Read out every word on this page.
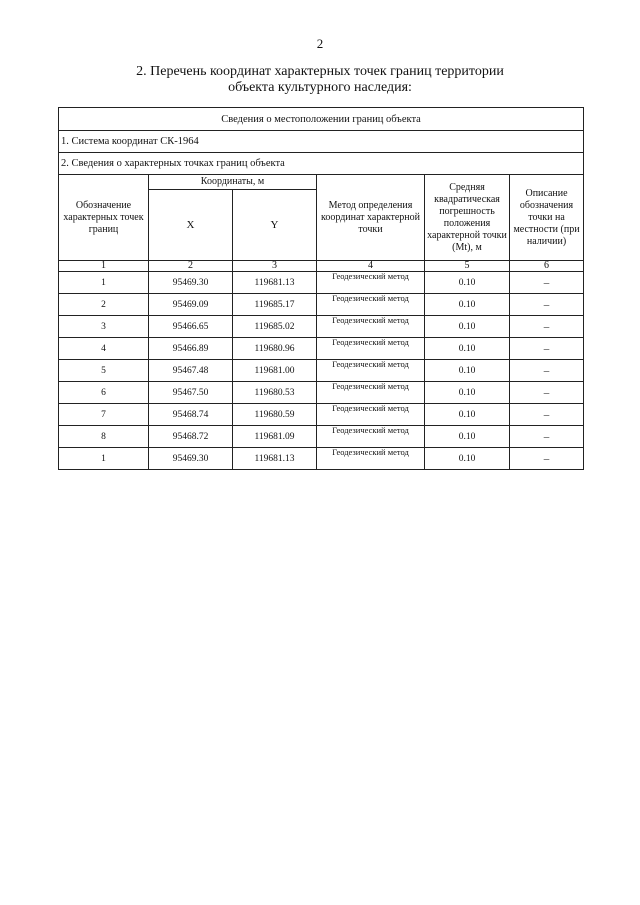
2
2. Перечень координат характерных точек границ территории
объекта культурного наследия:
Сведения о местоположении границ объекта					
1. Система координат СК-1964					
2. Сведения о характерных точках границ объекта					
Обозначение характерных точек границ	Координаты, м		Метод определения координат характерной точки	Средняя квадратическая погрешность положения характерной точки (Mt), м	Описание обозначения точки на местности (при наличии)
	X	Y			
1	2	3	4	5	6
1	95469.30	119681.13	Геодезический метод	0.10	–
2	95469.09	119685.17	Геодезический метод	0.10	–
3	95466.65	119685.02	Геодезический метод	0.10	–
4	95466.89	119680.96	Геодезический метод	0.10	–
5	95467.48	119681.00	Геодезический метод	0.10	–
6	95467.50	119680.53	Геодезический метод	0.10	–
7	95468.74	119680.59	Геодезический метод	0.10	–
8	95468.72	119681.09	Геодезический метод	0.10	–
1	95469.30	119681.13	Геодезический метод	0.10	–
